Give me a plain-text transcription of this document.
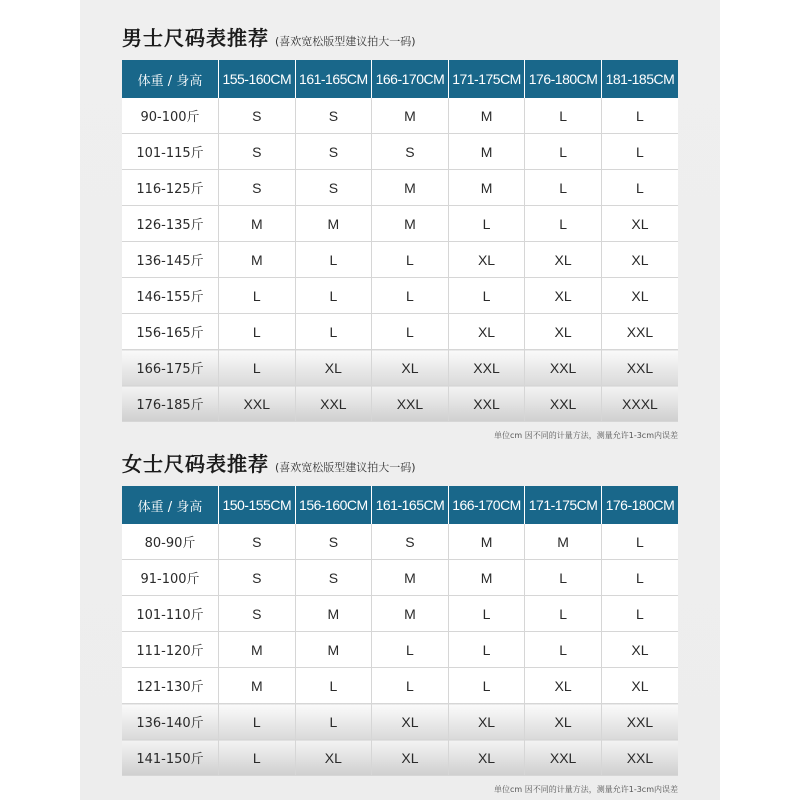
男士尺码表推荐 (喜欢宽松版型建议拍大一码)
体重 / 身高	155-160CM	161-165CM	166-170CM	171-175CM	176-180CM	181-185CM
90-100斤	S	S	M	M	L	L
101-115斤	S	S	S	M	L	L
116-125斤	S	S	M	M	L	L
126-135斤	M	M	M	L	L	XL
136-145斤	M	L	L	XL	XL	XL
146-155斤	L	L	L	L	XL	XL
156-165斤	L	L	L	XL	XL	XXL
166-175斤	L	XL	XL	XXL	XXL	XXL
176-185斤	XXL	XXL	XXL	XXL	XXL	XXXL
单位cm 因不同的计量方法，测量允许1-3cm内误差
女士尺码表推荐 (喜欢宽松版型建议拍大一码)
体重 / 身高	150-155CM	156-160CM	161-165CM	166-170CM	171-175CM	176-180CM
80-90斤	S	S	S	M	M	L
91-100斤	S	S	M	M	L	L
101-110斤	S	M	M	L	L	L
111-120斤	M	M	L	L	L	XL
121-130斤	M	L	L	L	XL	XL
136-140斤	L	L	XL	XL	XL	XXL
141-150斤	L	XL	XL	XL	XXL	XXL
单位cm 因不同的计量方法，测量允许1-3cm内误差
